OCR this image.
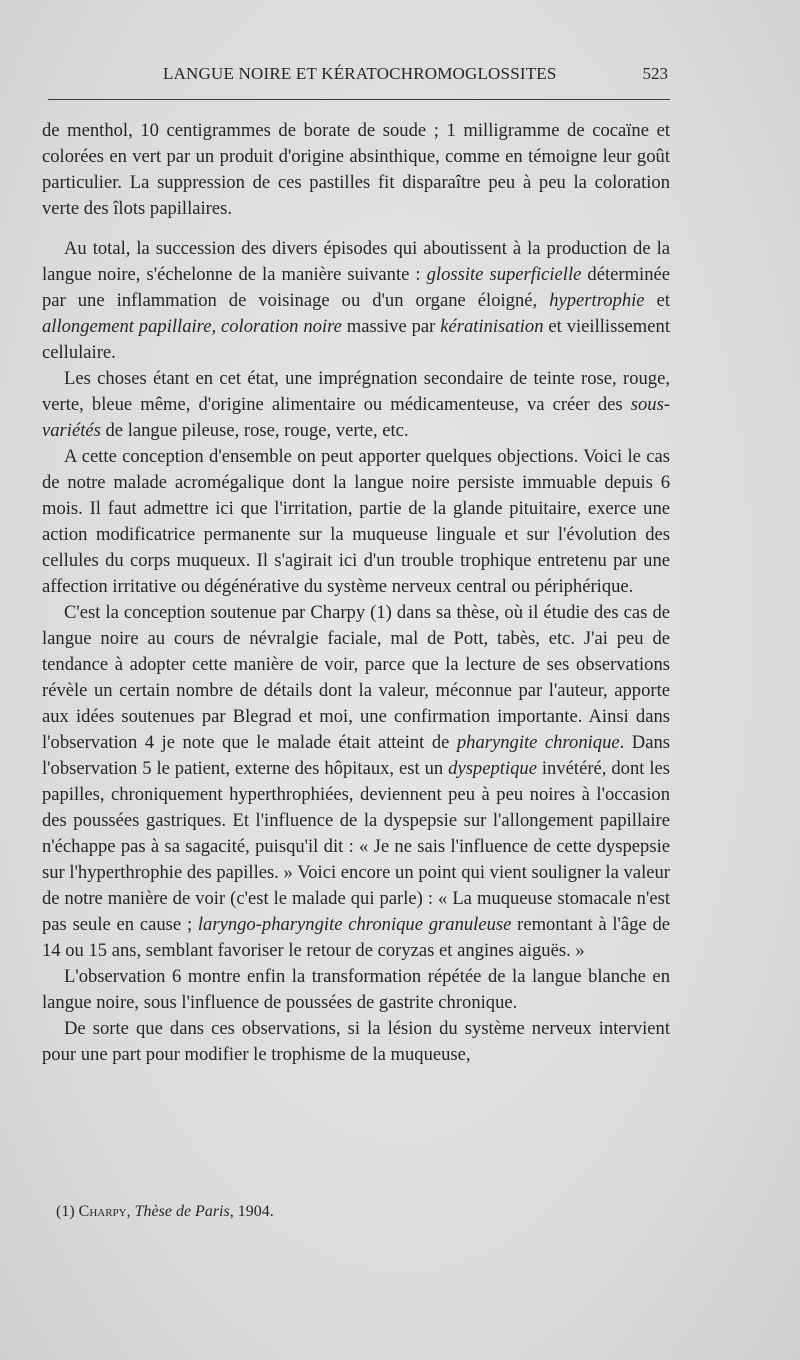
LANGUE NOIRE ET KÉRATOCHROMOGLOSSITES	523

de menthol, 10 centigrammes de borate de soude ; 1 milligramme de cocaïne et colorées en vert par un produit d'origine absinthique, comme en témoigne leur goût particulier. La suppression de ces pastilles fit disparaître peu à peu la coloration verte des îlots papillaires.

Au total, la succession des divers épisodes qui aboutissent à la production de la langue noire, s'échelonne de la manière suivante : glossite superficielle déterminée par une inflammation de voisinage ou d'un organe éloigné, hypertrophie et allongement papillaire, coloration noire massive par kératinisation et vieillissement cellulaire.

Les choses étant en cet état, une imprégnation secondaire de teinte rose, rouge, verte, bleue même, d'origine alimentaire ou médicamenteuse, va créer des sous-variétés de langue pileuse, rose, rouge, verte, etc.

A cette conception d'ensemble on peut apporter quelques objections. Voici le cas de notre malade acromégalique dont la langue noire persiste immuable depuis 6 mois. Il faut admettre ici que l'irritation, partie de la glande pituitaire, exerce une action modificatrice permanente sur la muqueuse linguale et sur l'évolution des cellules du corps muqueux. Il s'agirait ici d'un trouble trophique entretenu par une affection irritative ou dégénérative du système nerveux central ou périphérique.

C'est la conception soutenue par Charpy (1) dans sa thèse, où il étudie des cas de langue noire au cours de névralgie faciale, mal de Pott, tabès, etc. J'ai peu de tendance à adopter cette manière de voir, parce que la lecture de ses observations révèle un certain nombre de détails dont la valeur, méconnue par l'auteur, apporte aux idées soutenues par Blegrad et moi, une confirmation importante. Ainsi dans l'observation 4 je note que le malade était atteint de pharyngite chronique. Dans l'observation 5 le patient, externe des hôpitaux, est un dyspeptique invétéré, dont les papilles, chroniquement hyperthrophiées, deviennent peu à peu noires à l'occasion des poussées gastriques. Et l'influence de la dyspepsie sur l'allongement papillaire n'échappe pas à sa sagacité, puisqu'il dit : « Je ne sais l'influence de cette dyspepsie sur l'hyperthrophie des papilles. » Voici encore un point qui vient souligner la valeur de notre manière de voir (c'est le malade qui parle) : « La muqueuse stomacale n'est pas seule en cause ; laryngo-pharyngite chronique granuleuse remontant à l'âge de 14 ou 15 ans, semblant favoriser le retour de coryzas et angines aiguës. »

L'observation 6 montre enfin la transformation répétée de la langue blanche en langue noire, sous l'influence de poussées de gastrite chronique.

De sorte que dans ces observations, si la lésion du système nerveux intervient pour une part pour modifier le trophisme de la muqueuse,

(1) Charpy, Thèse de Paris, 1904.
